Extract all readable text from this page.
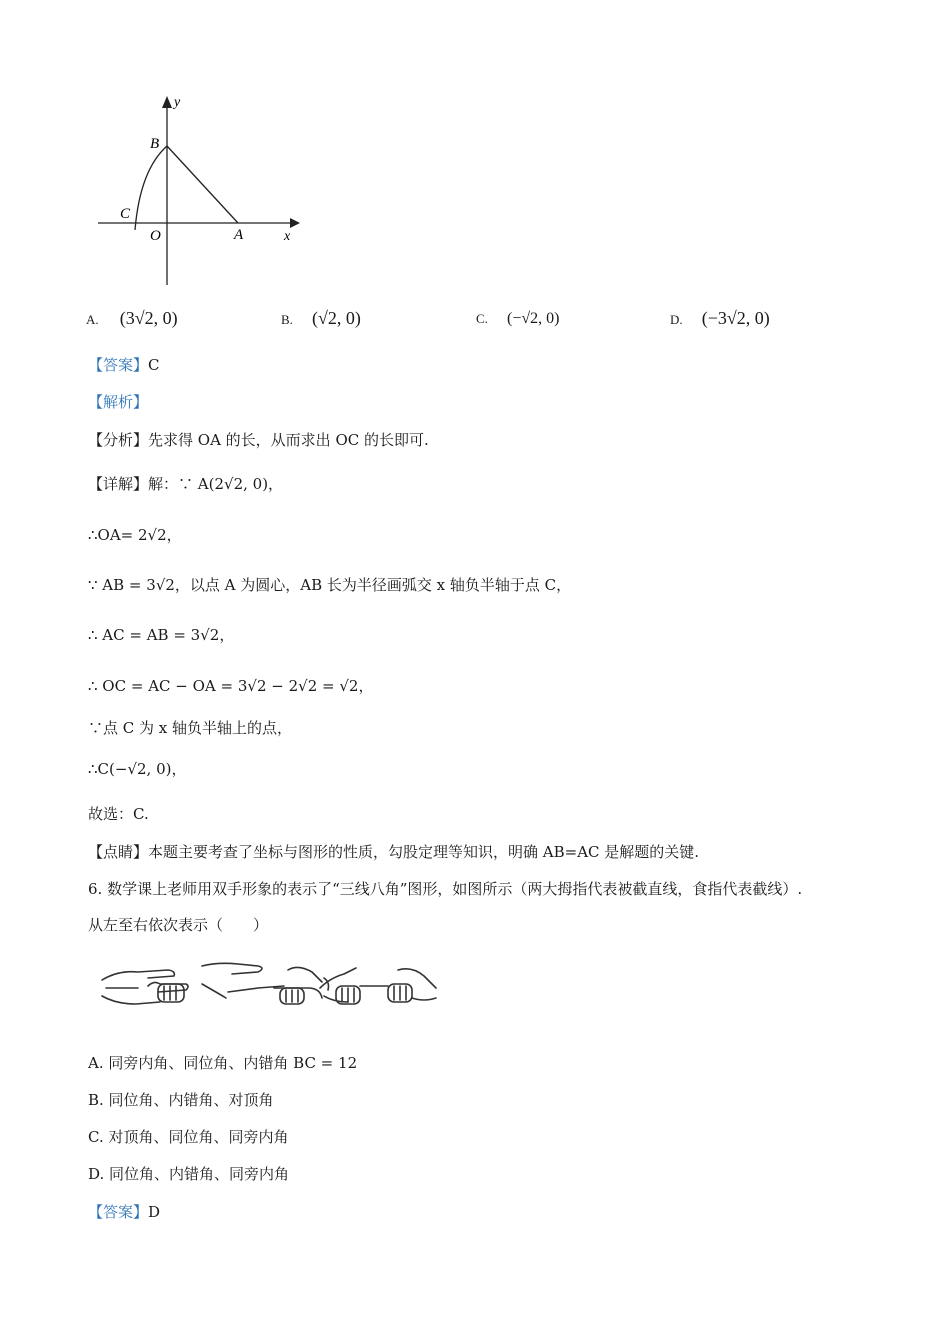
y
x
B
C
O	A
A. (3√2, 0)	B. (√2, 0)	C. (−√2, 0)	D. (−3√2, 0)
【答案】C
【解析】
【分析】先求得 OA 的长，从而求出 OC 的长即可.
【详解】解：∵ A(2√2, 0)，
∴OA= 2√2，
∵ AB = 3√2，以点 A 为圆心，AB 长为半径画弧交 x 轴负半轴于点 C，
∴ AC = AB = 3√2，
∴ OC = AC − OA = 3√2 − 2√2 = √2，
∵点 C 为 x 轴负半轴上的点，
∴C(−√2, 0)，
故选：C.
【点睛】本题主要考查了坐标与图形的性质，勾股定理等知识，明确 AB=AC 是解题的关键.
6. 数学课上老师用双手形象的表示了“三线八角”图形，如图所示（两大拇指代表被截直线，食指代表截线）.
从左至右依次表示（　　）
A. 同旁内角、同位角、内错角 BC = 12
B. 同位角、内错角、对顶角
C. 对顶角、同位角、同旁内角
D. 同位角、内错角、同旁内角
【答案】D
